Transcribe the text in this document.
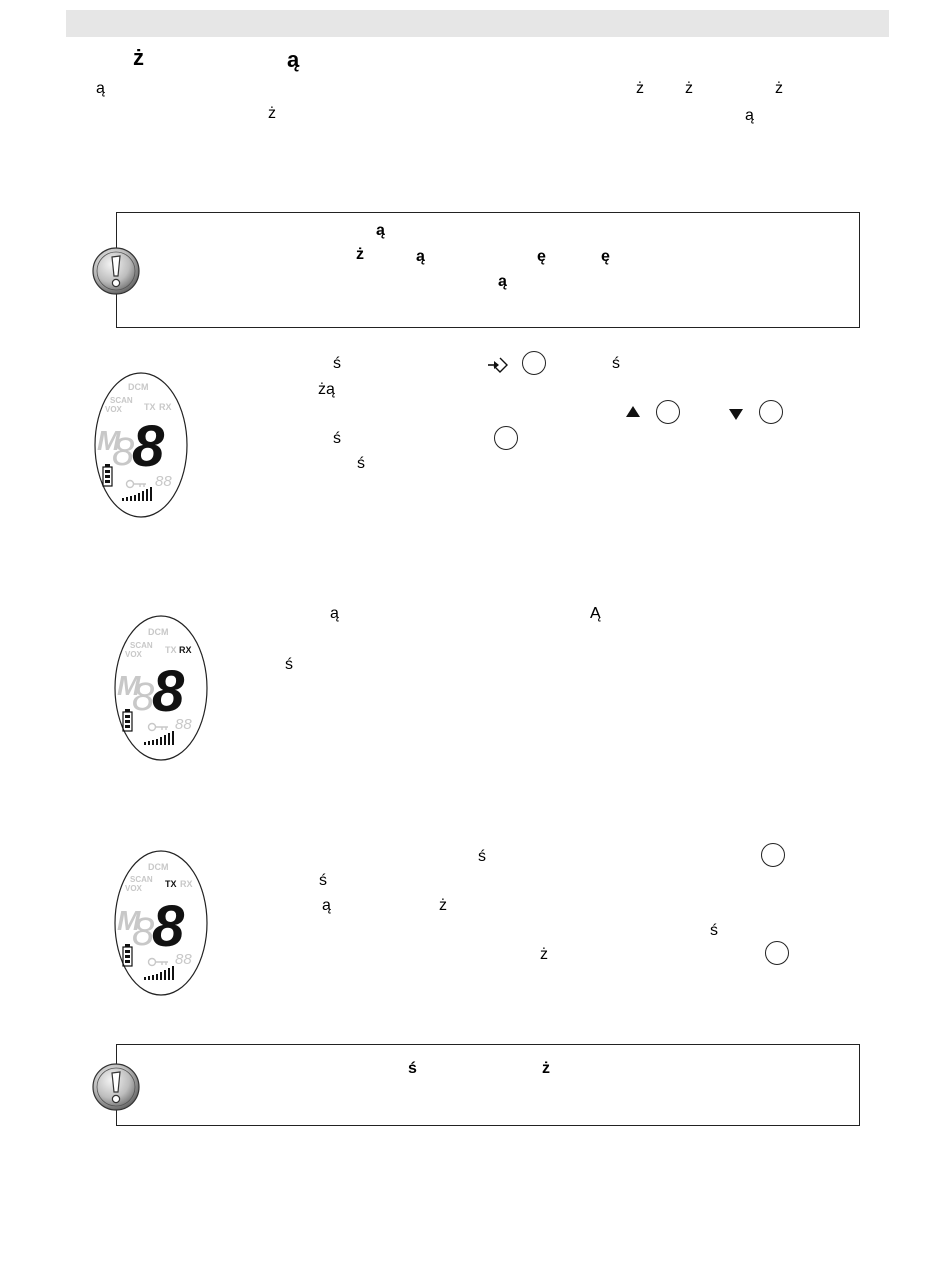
ż	ą
ą	ż	ż	ż
ż	ą
ą
ż	ą	ę	ę
ą
ś	ś
żą
ś
ś
DCM
SCAN
VOX TX RX
M
8
8
88
ą	Ą
ś
DCM
SCAN
VOX	TX RX
M
8
8
88
ś
ś
ą	ż
ś
ż
DCM
SCAN
VOX	TX RX
M
8
8
88
ś	ż
